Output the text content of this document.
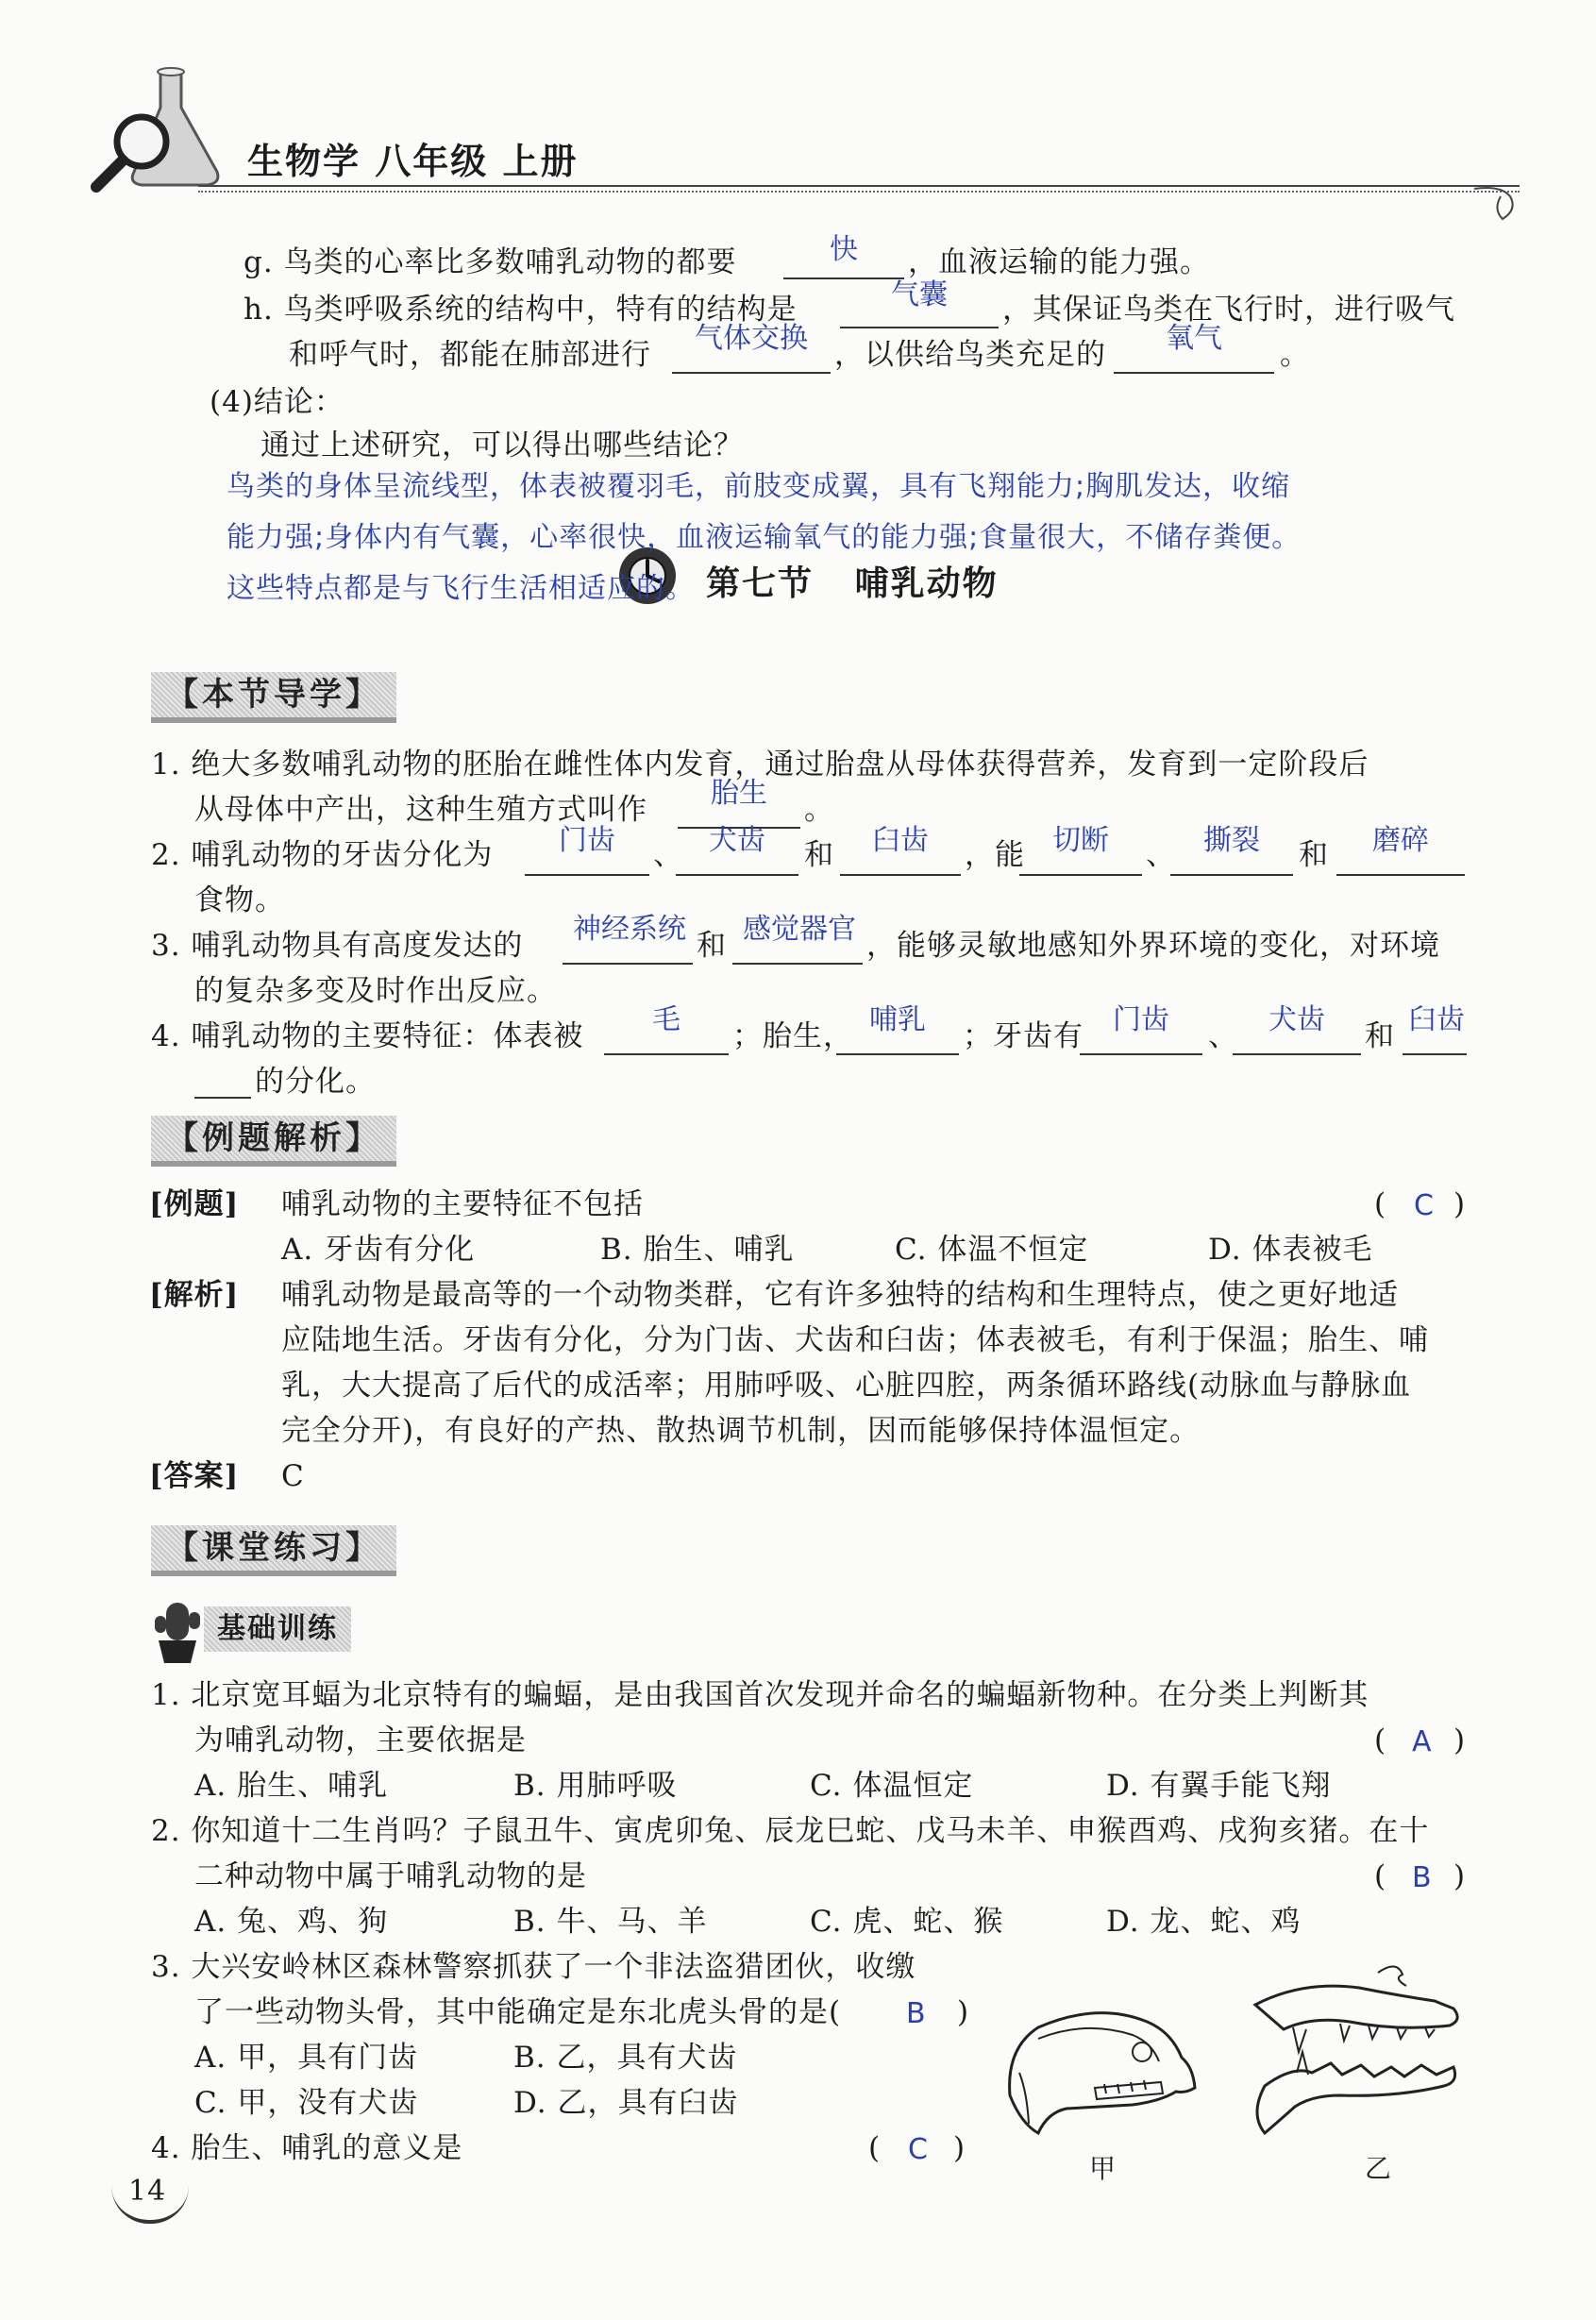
生物学 八年级 上册
g. 鸟类的心率比多数哺乳动物的都要	快	，血液运输的能力强。
h. 鸟类呼吸系统的结构中，特有的结构是	气囊	，其保证鸟类在飞行时，进行吸气
和呼气时，都能在肺部进行	气体交换 ，以供给鸟类充足的	氧气	。
(4)结论：
通过上述研究，可以得出哪些结论？
第七节   哺乳动物
鸟类的身体呈流线型，体表被覆羽毛，前肢变成翼，具有飞翔能力;胸肌发达，收缩
能力强;身体内有气囊，心率很快，血液运输氧气的能力强;食量很大，不储存粪便。
这些特点都是与飞行生活相适应的。
【本节导学】
1. 绝大多数哺乳动物的胚胎在雌性体内发育，通过胎盘从母体获得营养，发育到一定阶段后
从母体中产出，这种生殖方式叫作	胎生	。
2. 哺乳动物的牙齿分化为	门齿	、 犬齿	和	臼齿	，能 切断	、 撕裂	和	磨碎
食物。
3. 哺乳动物具有高度发达的	神经系统 和 感觉器官 ，能够灵敏地感知外界环境的变化，对环境
的复杂多变及时作出反应。
4. 哺乳动物的主要特征：体表被	毛	；胎生， 哺乳	；牙齿有	门齿	、	犬齿	和 臼齿
的分化。
【例题解析】
[例题] 哺乳动物的主要特征不包括	( C )
A. 牙齿有分化	B. 胎生、哺乳	C. 体温不恒定	D. 体表被毛
[解析] 哺乳动物是最高等的一个动物类群，它有许多独特的结构和生理特点，使之更好地适
应陆地生活。牙齿有分化，分为门齿、犬齿和臼齿；体表被毛，有利于保温；胎生、哺
乳，大大提高了后代的成活率；用肺呼吸、心脏四腔，两条循环路线(动脉血与静脉血
完全分开)，有良好的产热、散热调节机制，因而能够保持体温恒定。
[答案] C
【课堂练习】
基础训练
1. 北京宽耳蝠为北京特有的蝙蝠，是由我国首次发现并命名的蝙蝠新物种。在分类上判断其
为哺乳动物，主要依据是	( A )
A. 胎生、哺乳	B. 用肺呼吸	C. 体温恒定	D. 有翼手能飞翔
2. 你知道十二生肖吗？子鼠丑牛、寅虎卯兔、辰龙巳蛇、戊马未羊、申猴酉鸡、戌狗亥猪。在十
二种动物中属于哺乳动物的是	( B )
A. 兔、鸡、狗	B. 牛、马、羊	C. 虎、蛇、猴	D. 龙、蛇、鸡
3. 大兴安岭林区森林警察抓获了一个非法盗猎团伙，收缴
了一些动物头骨，其中能确定是东北虎头骨的是( B )
A. 甲，具有门齿	B. 乙，具有犬齿
C. 甲，没有犬齿	D. 乙，具有臼齿
4. 胎生、哺乳的意义是	( C )
甲	乙
14
